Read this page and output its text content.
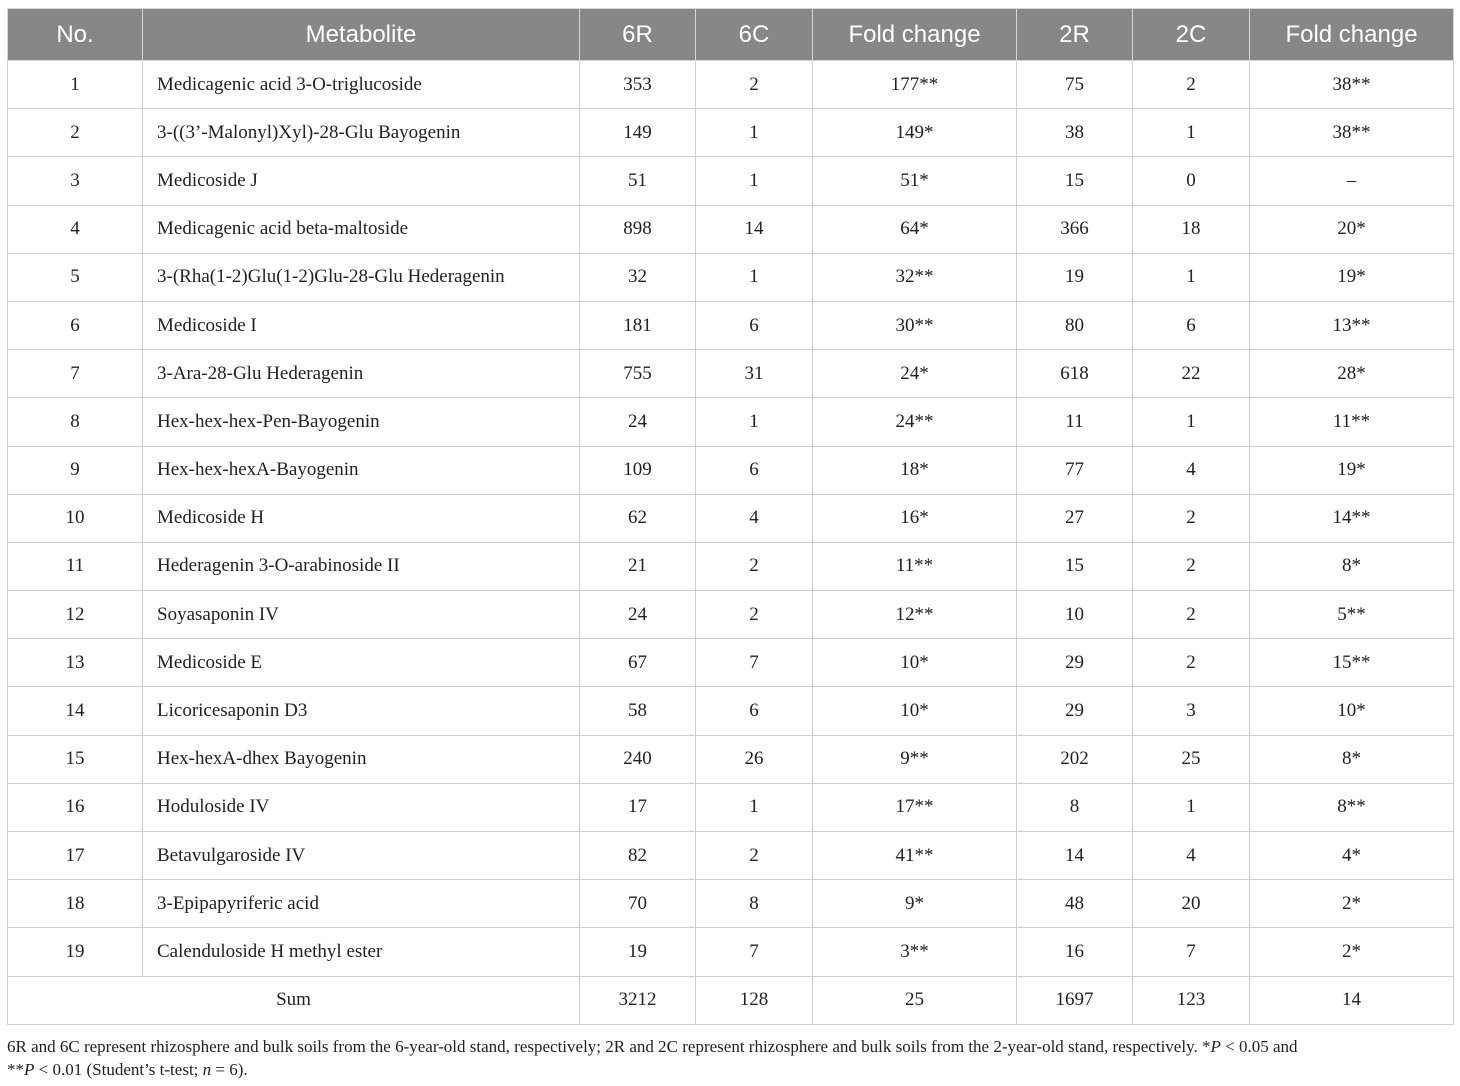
No.	Metabolite	6R	6C	Fold change	2R	2C	Fold change
1	Medicagenic acid 3-O-triglucoside	353	2	177**	75	2	38**
2	3-((3’-Malonyl)Xyl)-28-Glu Bayogenin	149	1	149*	38	1	38**
3	Medicoside J	51	1	51*	15	0	–
4	Medicagenic acid beta-maltoside	898	14	64*	366	18	20*
5	3-(Rha(1-2)Glu(1-2)Glu-28-Glu Hederagenin	32	1	32**	19	1	19*
6	Medicoside I	181	6	30**	80	6	13**
7	3-Ara-28-Glu Hederagenin	755	31	24*	618	22	28*
8	Hex-hex-hex-Pen-Bayogenin	24	1	24**	11	1	11**
9	Hex-hex-hexA-Bayogenin	109	6	18*	77	4	19*
10	Medicoside H	62	4	16*	27	2	14**
11	Hederagenin 3-O-arabinoside II	21	2	11**	15	2	8*
12	Soyasaponin IV	24	2	12**	10	2	5**
13	Medicoside E	67	7	10*	29	2	15**
14	Licoricesaponin D3	58	6	10*	29	3	10*
15	Hex-hexA-dhex Bayogenin	240	26	9**	202	25	8*
16	Hoduloside IV	17	1	17**	8	1	8**
17	Betavulgaroside IV	82	2	41**	14	4	4*
18	3-Epipapyriferic acid	70	8	9*	48	20	2*
19	Calenduloside H methyl ester	19	7	3**	16	7	2*
Sum		3212	128	25	1697	123	14
6R and 6C represent rhizosphere and bulk soils from the 6-year-old stand, respectively; 2R and 2C represent rhizosphere and bulk soils from the 2-year-old stand, respectively. *P < 0.05 and
**P < 0.01 (Student’s t-test; n = 6).
